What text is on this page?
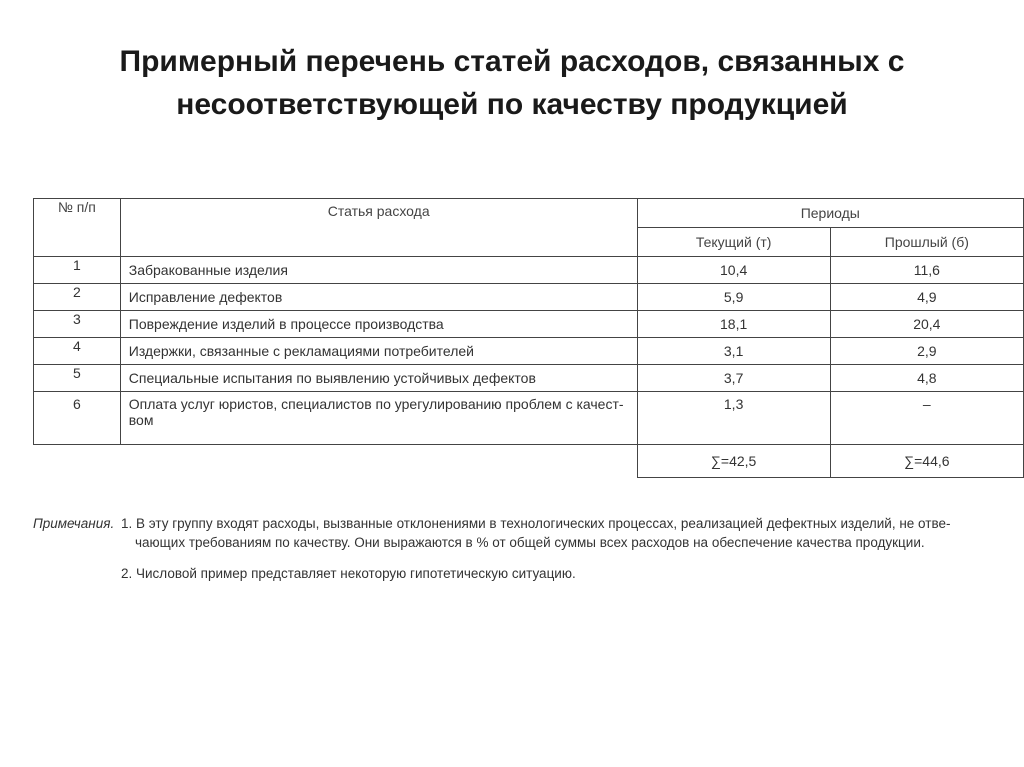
Примерный перечень статей расходов, связанных с
несоответствующей по качеству продукцией
№ п/п	Статья расхода	Периоды	
		Текущий (т)	Прошлый (б)
1	Забракованные изделия	10,4	11,6
2	Исправление дефектов	5,9	4,9
3	Повреждение изделий в процессе производства	18,1	20,4
4	Издержки, связанные с рекламациями потребителей	3,1	2,9
5	Специальные испытания по выявлению устойчивых дефектов	3,7	4,8
6	Оплата услуг юристов, специалистов по урегулированию проблем с качест-вом	1,3	–
		∑=42,5	∑=44,6
Примечания. 1. В эту группу входят расходы, вызванные отклонениями в технологических процессах, реализацией дефектных изделий, не отве-
чающих требованиям по качеству. Они выражаются в % от общей суммы всех расходов на обеспечение качества продукции.
2. Числовой пример представляет некоторую гипотетическую ситуацию.
